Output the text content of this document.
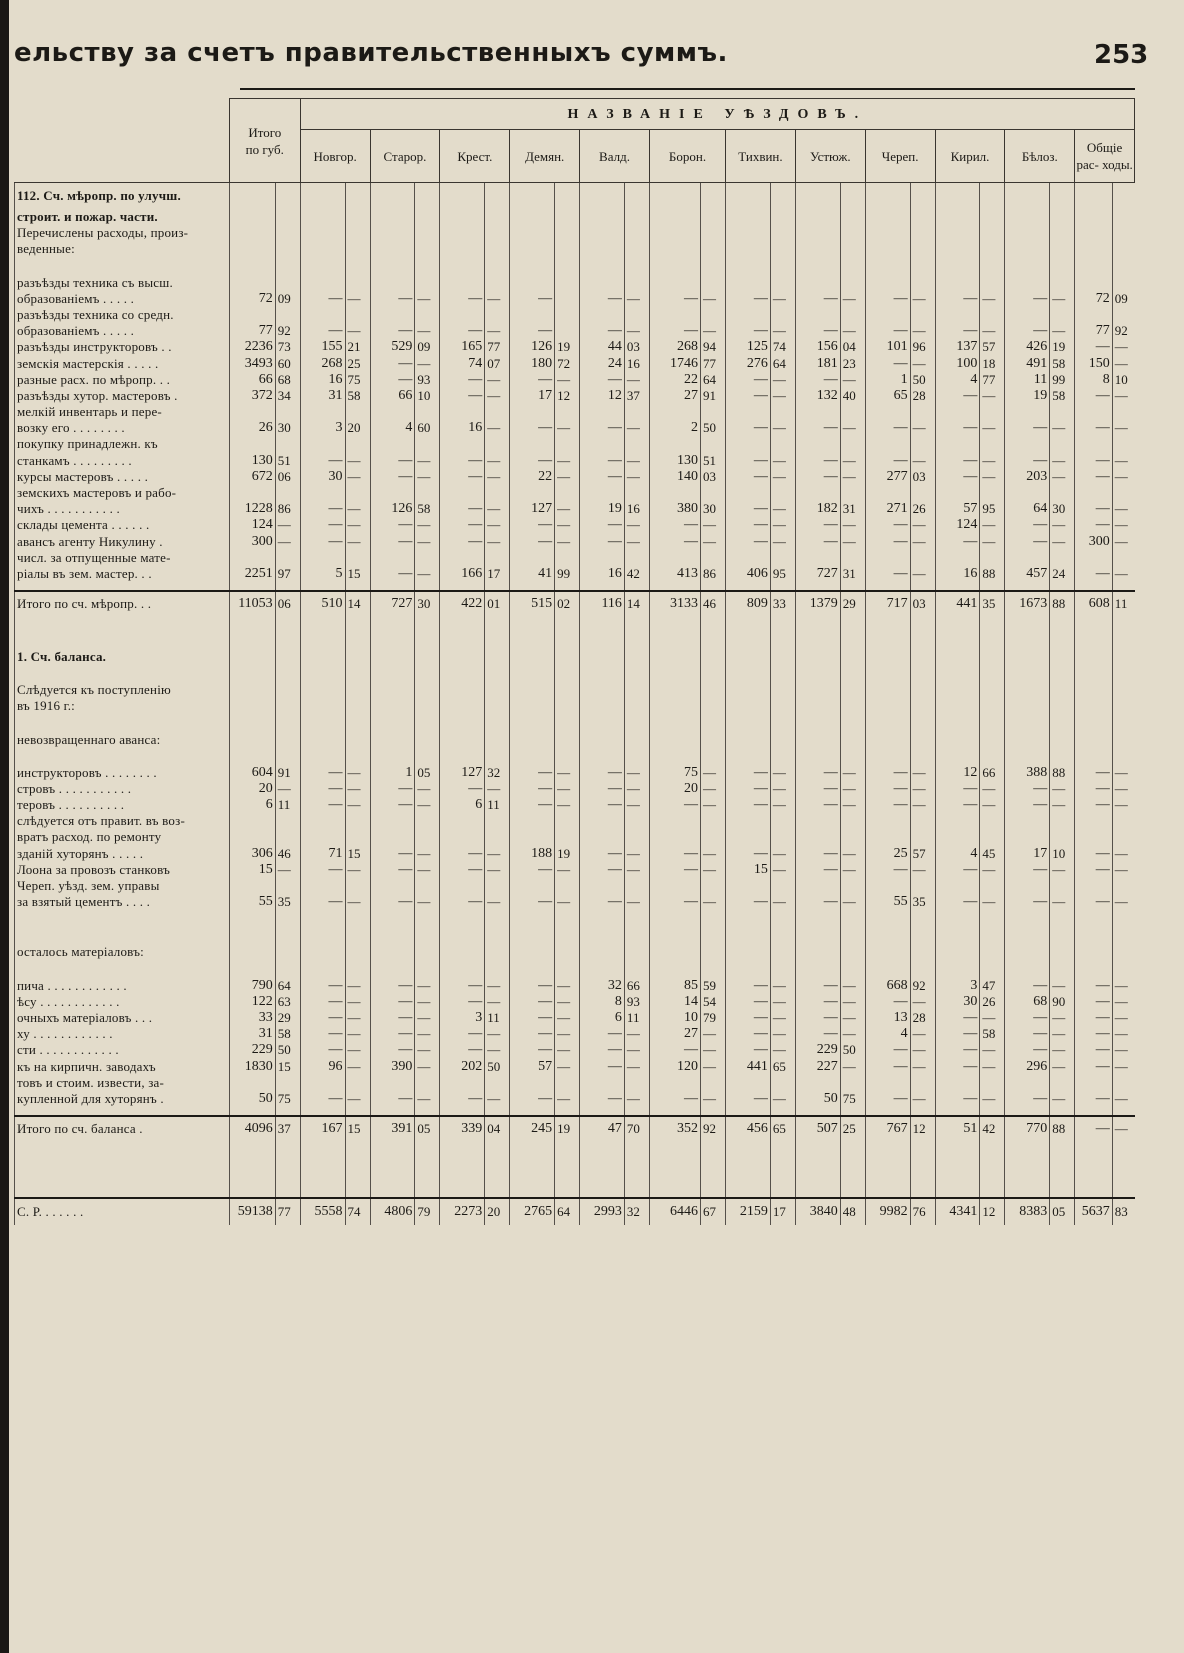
ельству за счетъ правительственныхъ суммъ.	253
	Итого
по губ.		НАЗВАНІЕ УѢЗДОВЪ.																							
			Новгор.		Старор.		Крест.		Демян.		Валд.		Борон.		Тихвин.		Устюж.		Череп.		Кирил.		Бѣлоз.		Общіе рас- ходы.	
112. Сч. мѣропр. по улучш.																										
строит. и пожар. части.																										
Перечислены расходы, произ-																										
веденные:																										

разъѣзды техника съ высш.																										
образованіемъ . . . . .	72	09	—	—	—	—	—	—	—		—	—	—	—	—	—	—	—	—	—	—	—	—	—	72	09
разъѣзды техника со средн.																										
образованіемъ . . . . .	77	92	—	—	—	—	—	—	—		—	—	—	—	—	—	—	—	—	—	—	—	—	—	77	92
разъѣзды инструкторовъ . .	2236	73	155	21	529	09	165	77	126	19	44	03	268	94	125	74	156	04	101	96	137	57	426	19	—	—
земскія мастерскія . . . . .	3493	60	268	25	—	—	74	07	180	72	24	16	1746	77	276	64	181	23	—	—	100	18	491	58	150	—
разные расх. по мѣропр. . .	66	68	16	75	—	93	—	—	—	—	—	—	22	64	—	—	—	—	1	50	4	77	11	99	8	10
разъѣзды хутор. мастеровъ .	372	34	31	58	66	10	—	—	17	12	12	37	27	91	—	—	132	40	65	28	—	—	19	58	—	—
мелкій инвентарь и пере-																										
возку его . . . . . . . .	26	30	3	20	4	60	16	—	—	—	—	—	2	50	—	—	—	—	—	—	—	—	—	—	—	—
покупку принадлежн. къ																										
станкамъ . . . . . . . . .	130	51	—	—	—	—	—	—	—	—	—	—	130	51	—	—	—	—	—	—	—	—	—	—	—	—
курсы мастеровъ . . . . .	672	06	30	—	—	—	—	—	22	—	—	—	140	03	—	—	—	—	277	03	—	—	203	—	—	—
земскихъ мастеровъ и рабо-																										
чихъ . . . . . . . . . . .	1228	86	—	—	126	58	—	—	127	—	19	16	380	30	—	—	182	31	271	26	57	95	64	30	—	—
склады цемента . . . . . .	124	—	—	—	—	—	—	—	—	—	—	—	—	—	—	—	—	—	—	—	124	—	—	—	—	—
авансъ агенту Никулину .	300	—	—	—	—	—	—	—	—	—	—	—	—	—	—	—	—	—	—	—	—	—	—	—	300	—
числ. за отпущенные мате-																										
ріалы въ зем. мастер. . .	2251	97	5	15	—	—	166	17	41	99	16	42	413	86	406	95	727	31	—	—	16	88	457	24	—	—

Итого по сч. мѣропр. . .	11053	06	510	14	727	30	422	01	515	02	116	14	3133	46	809	33	1379	29	717	03	441	35	1673	88	608	11

1. Сч. баланса.																										

Слѣдуется къ поступленію																										
въ 1916 г.:																										

невозвращеннаго аванса:																										

инструкторовъ . . . . . . . .	604	91	—	—	1	05	127	32	—	—	—	—	75	—	—	—	—	—	—	—	12	66	388	88	—	—
стровъ . . . . . . . . . . .	20	—	—	—	—	—	—	—	—	—	—	—	20	—	—	—	—	—	—	—	—	—	—	—	—	—
теровъ . . . . . . . . . .	6	11	—	—	—	—	6	11	—	—	—	—	—	—	—	—	—	—	—	—	—	—	—	—	—	—
слѣдуется отъ правит. въ воз-																										
вратъ расход. по ремонту																										
зданій хуторянъ . . . . .	306	46	71	15	—	—	—	—	188	19	—	—	—	—	—	—	—	—	25	57	4	45	17	10	—	—
Лоона за провозъ станковъ	15	—	—	—	—	—	—	—	—	—	—	—	—	—	15	—	—	—	—	—	—	—	—	—	—	—
Череп. уѣзд. зем. управы																										
за взятый цементъ . . . .	55	35	—	—	—	—	—	—	—	—	—	—	—	—	—	—	—	—	55	35	—	—	—	—	—	—

осталось матеріаловъ:																										

пича . . . . . . . . . . . .	790	64	—	—	—	—	—	—	—	—	32	66	85	59	—	—	—	—	668	92	3	47	—	—	—	—
ѣсу . . . . . . . . . . . .	122	63	—	—	—	—	—	—	—	—	8	93	14	54	—	—	—	—	—	—	30	26	68	90	—	—
очныхъ матеріаловъ . . .	33	29	—	—	—	—	3	11	—	—	6	11	10	79	—	—	—	—	13	28	—	—	—	—	—	—
ху . . . . . . . . . . . .	31	58	—	—	—	—	—	—	—	—	—	—	27	—	—	—	—	—	4	—	—	58	—	—	—	—
сти . . . . . . . . . . . .	229	50	—	—	—	—	—	—	—	—	—	—	—	—	—	—	229	50	—	—	—	—	—	—	—	—
къ на кирпичн. заводахъ	1830	15	96	—	390	—	202	50	57	—	—	—	120	—	441	65	227	—	—	—	—	—	296	—	—	—
товъ и стоим. извести, за-																										
купленной для хуторянъ .	50	75	—	—	—	—	—	—	—	—	—	—	—	—	—	—	50	75	—	—	—	—	—	—	—	—

Итого по сч. баланса .	4096	37	167	15	391	05	339	04	245	19	47	70	352	92	456	65	507	25	767	12	51	42	770	88	—	—

С. Р. . . . . . .	59138	77	5558	74	4806	79	2273	20	2765	64	2993	32	6446	67	2159	17	3840	48	9982	76	4341	12	8383	05	5637	83
